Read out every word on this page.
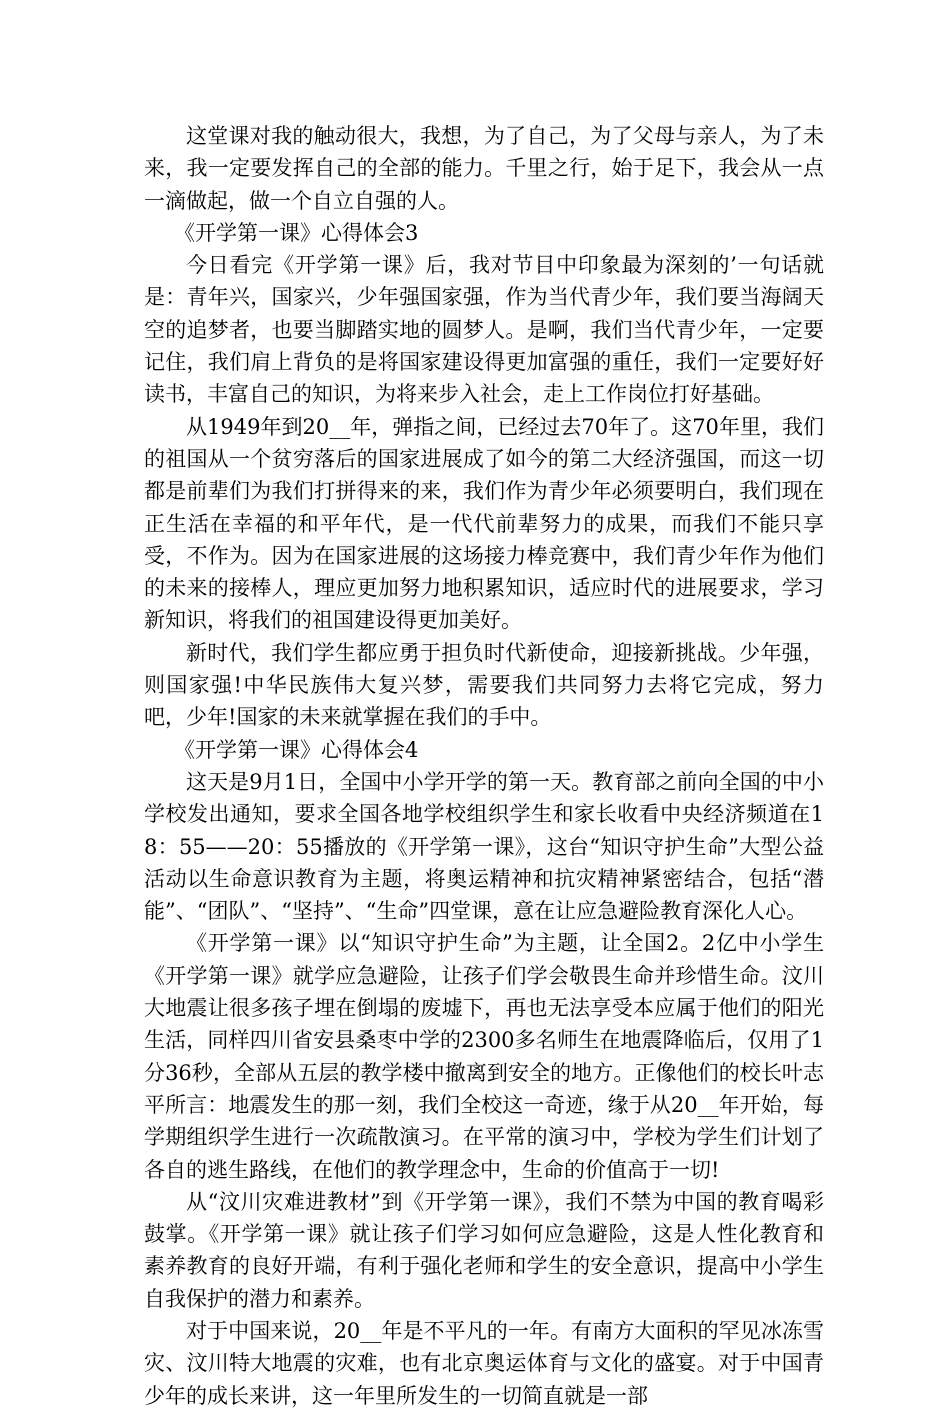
这堂课对我的触动很大，我想，为了自己，为了父母与亲人，为了未来，我一定要发挥自己的全部的能力。千里之行，始于足下，我会从一点一滴做起，做一个自立自强的人。

《开学第一课》心得体会3

今日看完《开学第一课》后，我对节目中印象最为深刻的’一句话就是：青年兴，国家兴，少年强国家强，作为当代青少年，我们要当海阔天空的追梦者，也要当脚踏实地的圆梦人。是啊，我们当代青少年，一定要记住，我们肩上背负的是将国家建设得更加富强的重任，我们一定要好好读书，丰富自己的知识，为将来步入社会，走上工作岗位打好基础。

从1949年到20__年，弹指之间，已经过去70年了。这70年里，我们的祖国从一个贫穷落后的国家进展成了如今的第二大经济强国，而这一切都是前辈们为我们打拼得来的来，我们作为青少年必须要明白，我们现在正生活在幸福的和平年代，是一代代前辈努力的成果，而我们不能只享受，不作为。因为在国家进展的这场接力棒竞赛中，我们青少年作为他们的未来的接棒人，理应更加努力地积累知识，适应时代的进展要求，学习新知识，将我们的祖国建设得更加美好。

新时代，我们学生都应勇于担负时代新使命，迎接新挑战。少年强，则国家强!中华民族伟大复兴梦，需要我们共同努力去将它完成，努力吧，少年!国家的未来就掌握在我们的手中。

《开学第一课》心得体会4

这天是9月1日，全国中小学开学的第一天。教育部之前向全国的中小学校发出通知，要求全国各地学校组织学生和家长收看中央经济频道在18：55——20：55播放的《开学第一课》，这台“知识守护生命”大型公益活动以生命意识教育为主题，将奥运精神和抗灾精神紧密结合，包括“潜能”、“团队”、“坚持”、“生命”四堂课，意在让应急避险教育深化人心。

《开学第一课》以“知识守护生命”为主题，让全国2。2亿中小学生《开学第一课》就学应急避险，让孩子们学会敬畏生命并珍惜生命。汶川大地震让很多孩子埋在倒塌的废墟下，再也无法享受本应属于他们的阳光生活，同样四川省安县桑枣中学的2300多名师生在地震降临后，仅用了1分36秒，全部从五层的教学楼中撤离到安全的地方。正像他们的校长叶志平所言：地震发生的那一刻，我们全校这一奇迹，缘于从20__年开始，每学期组织学生进行一次疏散演习。在平常的演习中，学校为学生们计划了各自的逃生路线，在他们的教学理念中，生命的价值高于一切!

从“汶川灾难进教材”到《开学第一课》，我们不禁为中国的教育喝彩鼓掌。《开学第一课》就让孩子们学习如何应急避险，这是人性化教育和素养教育的良好开端，有利于强化老师和学生的安全意识，提高中小学生自我保护的潜力和素养。

对于中国来说，20__年是不平凡的一年。有南方大面积的罕见冰冻雪灾、汶川特大地震的灾难，也有北京奥运体育与文化的盛宴。对于中国青少年的成长来讲，这一年里所发生的一切简直就是一部
